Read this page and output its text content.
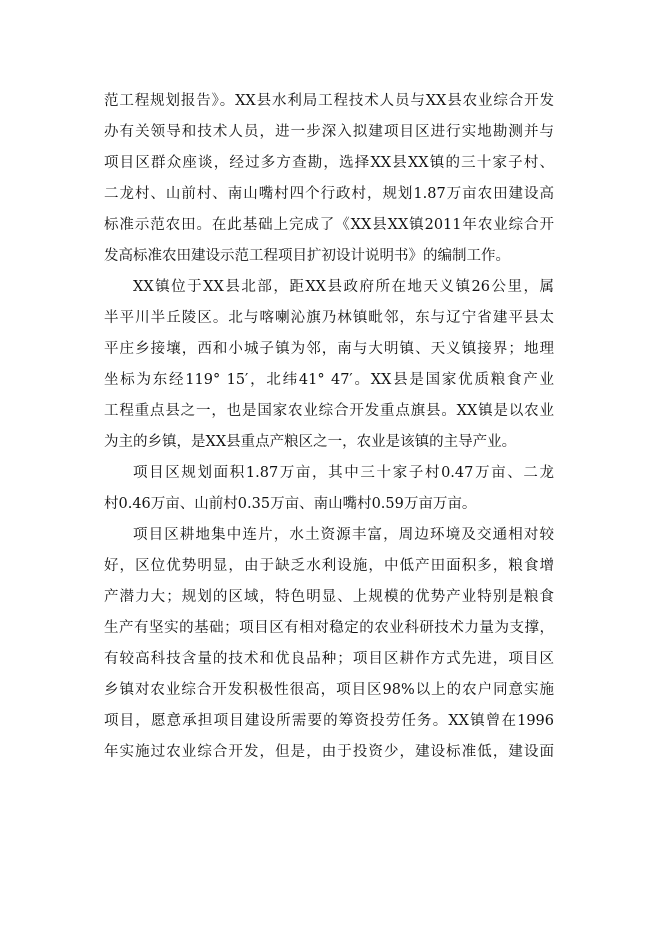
范工程规划报告》。XX县水利局工程技术人员与XX县农业综合开发
办有关领导和技术人员，进一步深入拟建项目区进行实地勘测并与
项目区群众座谈，经过多方查勘，选择XX县XX镇的三十家子村、
二龙村、山前村、南山嘴村四个行政村，规划1.87万亩农田建设高
标准示范农田。在此基础上完成了《XX县XX镇2011年农业综合开
发高标准农田建设示范工程项目扩初设计说明书》的编制工作。

XX镇位于XX县北部，距XX县政府所在地天义镇26公里，属
半平川半丘陵区。北与喀喇沁旗乃林镇毗邻，东与辽宁省建平县太
平庄乡接壤，西和小城子镇为邻，南与大明镇、天义镇接界；地理
坐标为东经119° 15′，北纬41° 47′。XX县是国家优质粮食产业
工程重点县之一，也是国家农业综合开发重点旗县。XX镇是以农业
为主的乡镇，是XX县重点产粮区之一，农业是该镇的主导产业。

项目区规划面积1.87万亩，其中三十家子村0.47万亩、二龙
村0.46万亩、山前村0.35万亩、南山嘴村0.59万亩万亩。

项目区耕地集中连片，水土资源丰富，周边环境及交通相对较
好，区位优势明显，由于缺乏水利设施，中低产田面积多，粮食增
产潜力大；规划的区域，特色明显、上规模的优势产业特别是粮食
生产有坚实的基础；项目区有相对稳定的农业科研技术力量为支撑，
有较高科技含量的技术和优良品种；项目区耕作方式先进，项目区
乡镇对农业综合开发积极性很高，项目区98%以上的农户同意实施
项目，愿意承担项目建设所需要的筹资投劳任务。XX镇曾在1996
年实施过农业综合开发，但是，由于投资少，建设标准低，建设面
